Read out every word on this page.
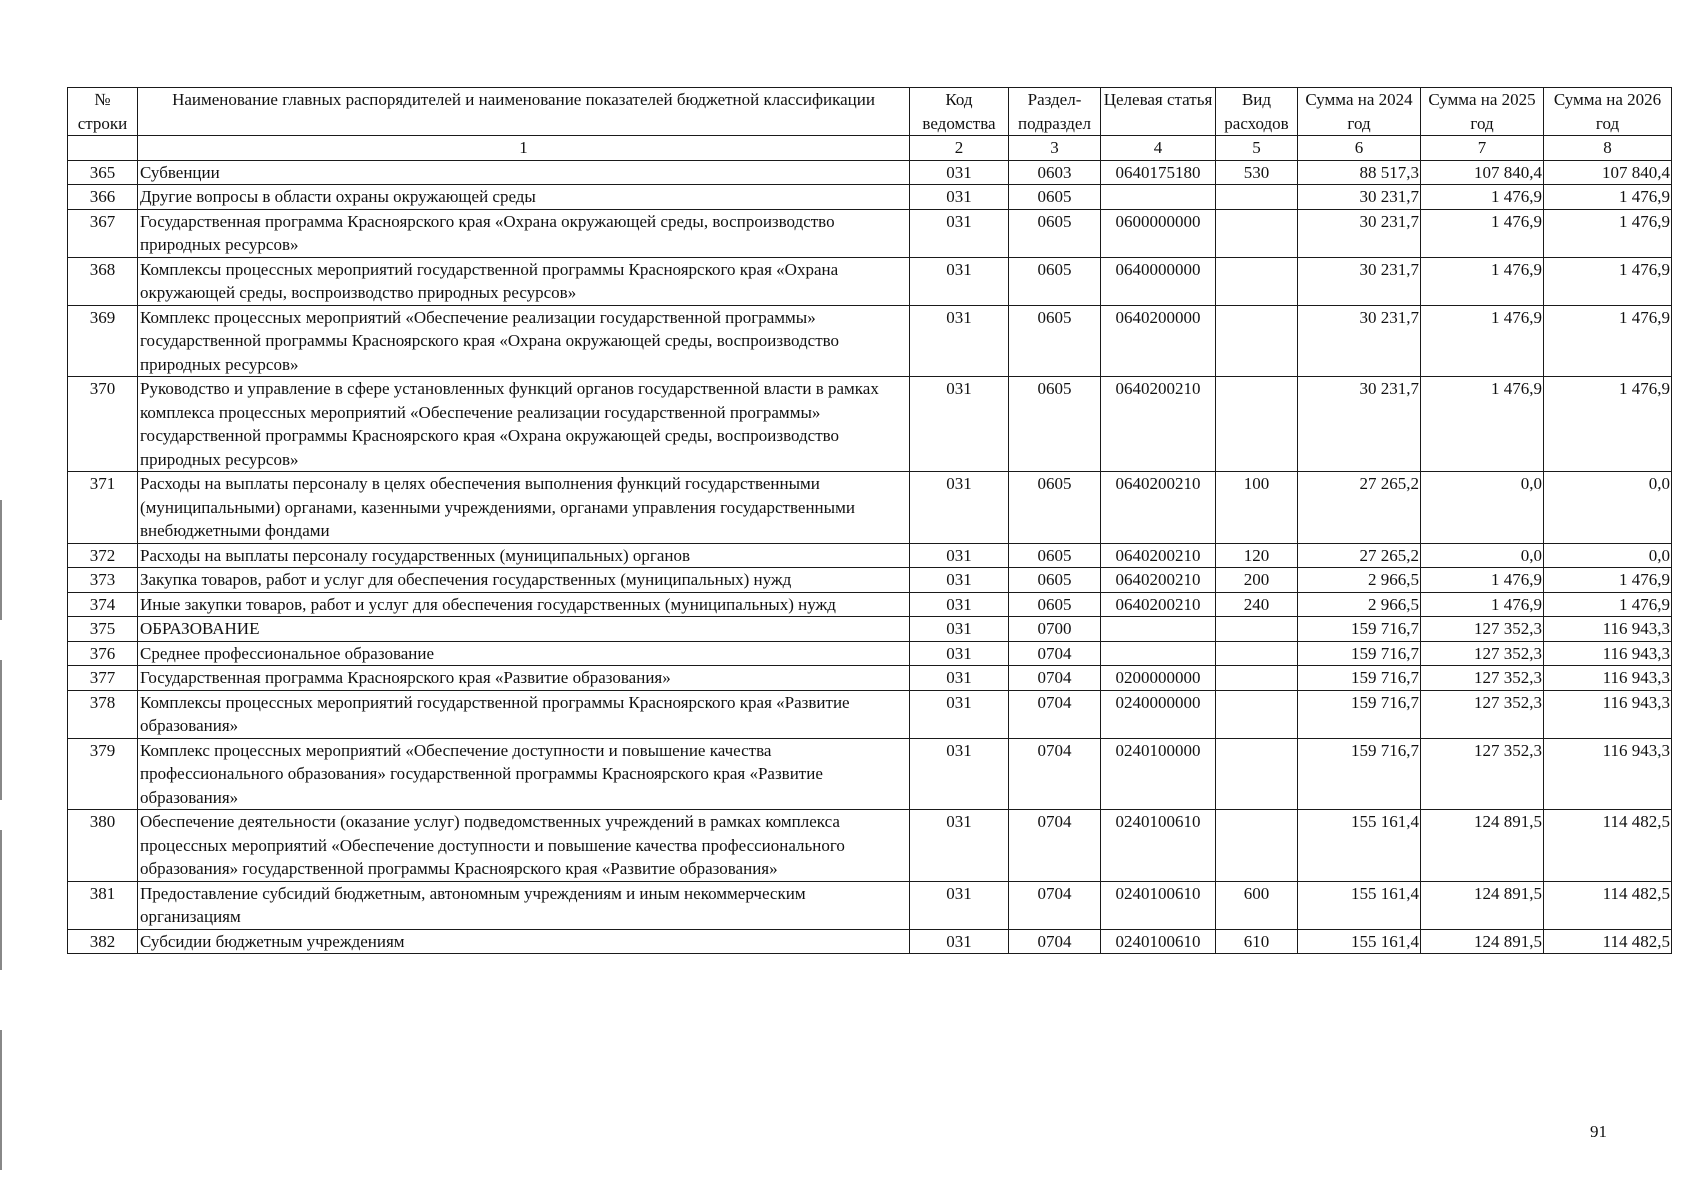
№ строки	Наименование главных распорядителей и наименование показателей бюджетной классификации	Код ведомства	Раздел- подраздел	Целевая статья	Вид расходов	Сумма на 2024 год	Сумма на 2025 год	Сумма на 2026 год
	1	2	3	4	5	6	7	8
365	Субвенции	031	0603	0640175180	530	88 517,3	107 840,4	107 840,4
366	Другие вопросы в области охраны окружающей среды	031	0605			30 231,7	1 476,9	1 476,9
367	Государственная программа Красноярского края «Охрана окружающей среды, воспроизводство природных ресурсов»	031	0605	0600000000		30 231,7	1 476,9	1 476,9
368	Комплексы процессных мероприятий государственной программы Красноярского края «Охрана окружающей среды, воспроизводство природных ресурсов»	031	0605	0640000000		30 231,7	1 476,9	1 476,9
369	Комплекс процессных мероприятий «Обеспечение реализации государственной программы» государственной программы Красноярского края «Охрана окружающей среды, воспроизводство природных ресурсов»	031	0605	0640200000		30 231,7	1 476,9	1 476,9
370	Руководство и управление в сфере установленных функций органов государственной власти в рамках комплекса процессных мероприятий «Обеспечение реализации государственной программы» государственной программы Красноярского края «Охрана окружающей среды, воспроизводство природных ресурсов»	031	0605	0640200210		30 231,7	1 476,9	1 476,9
371	Расходы на выплаты персоналу в целях обеспечения выполнения функций государственными (муниципальными) органами, казенными учреждениями, органами управления государственными внебюджетными фондами	031	0605	0640200210	100	27 265,2	0,0	0,0
372	Расходы на выплаты персоналу государственных (муниципальных) органов	031	0605	0640200210	120	27 265,2	0,0	0,0
373	Закупка товаров, работ и услуг для обеспечения государственных (муниципальных) нужд	031	0605	0640200210	200	2 966,5	1 476,9	1 476,9
374	Иные закупки товаров, работ и услуг для обеспечения государственных (муниципальных) нужд	031	0605	0640200210	240	2 966,5	1 476,9	1 476,9
375	ОБРАЗОВАНИЕ	031	0700			159 716,7	127 352,3	116 943,3
376	Среднее профессиональное образование	031	0704			159 716,7	127 352,3	116 943,3
377	Государственная программа Красноярского края «Развитие образования»	031	0704	0200000000		159 716,7	127 352,3	116 943,3
378	Комплексы процессных мероприятий государственной программы Красноярского края «Развитие образования»	031	0704	0240000000		159 716,7	127 352,3	116 943,3
379	Комплекс процессных мероприятий «Обеспечение доступности и повышение качества профессионального образования» государственной программы Красноярского края «Развитие образования»	031	0704	0240100000		159 716,7	127 352,3	116 943,3
380	Обеспечение деятельности (оказание услуг) подведомственных учреждений в рамках комплекса процессных мероприятий «Обеспечение доступности и повышение качества профессионального образования» государственной программы Красноярского края «Развитие образования»	031	0704	0240100610		155 161,4	124 891,5	114 482,5
381	Предоставление субсидий бюджетным, автономным учреждениям и иным некоммерческим организациям	031	0704	0240100610	600	155 161,4	124 891,5	114 482,5
382	Субсидии бюджетным учреждениям	031	0704	0240100610	610	155 161,4	124 891,5	114 482,5
91
